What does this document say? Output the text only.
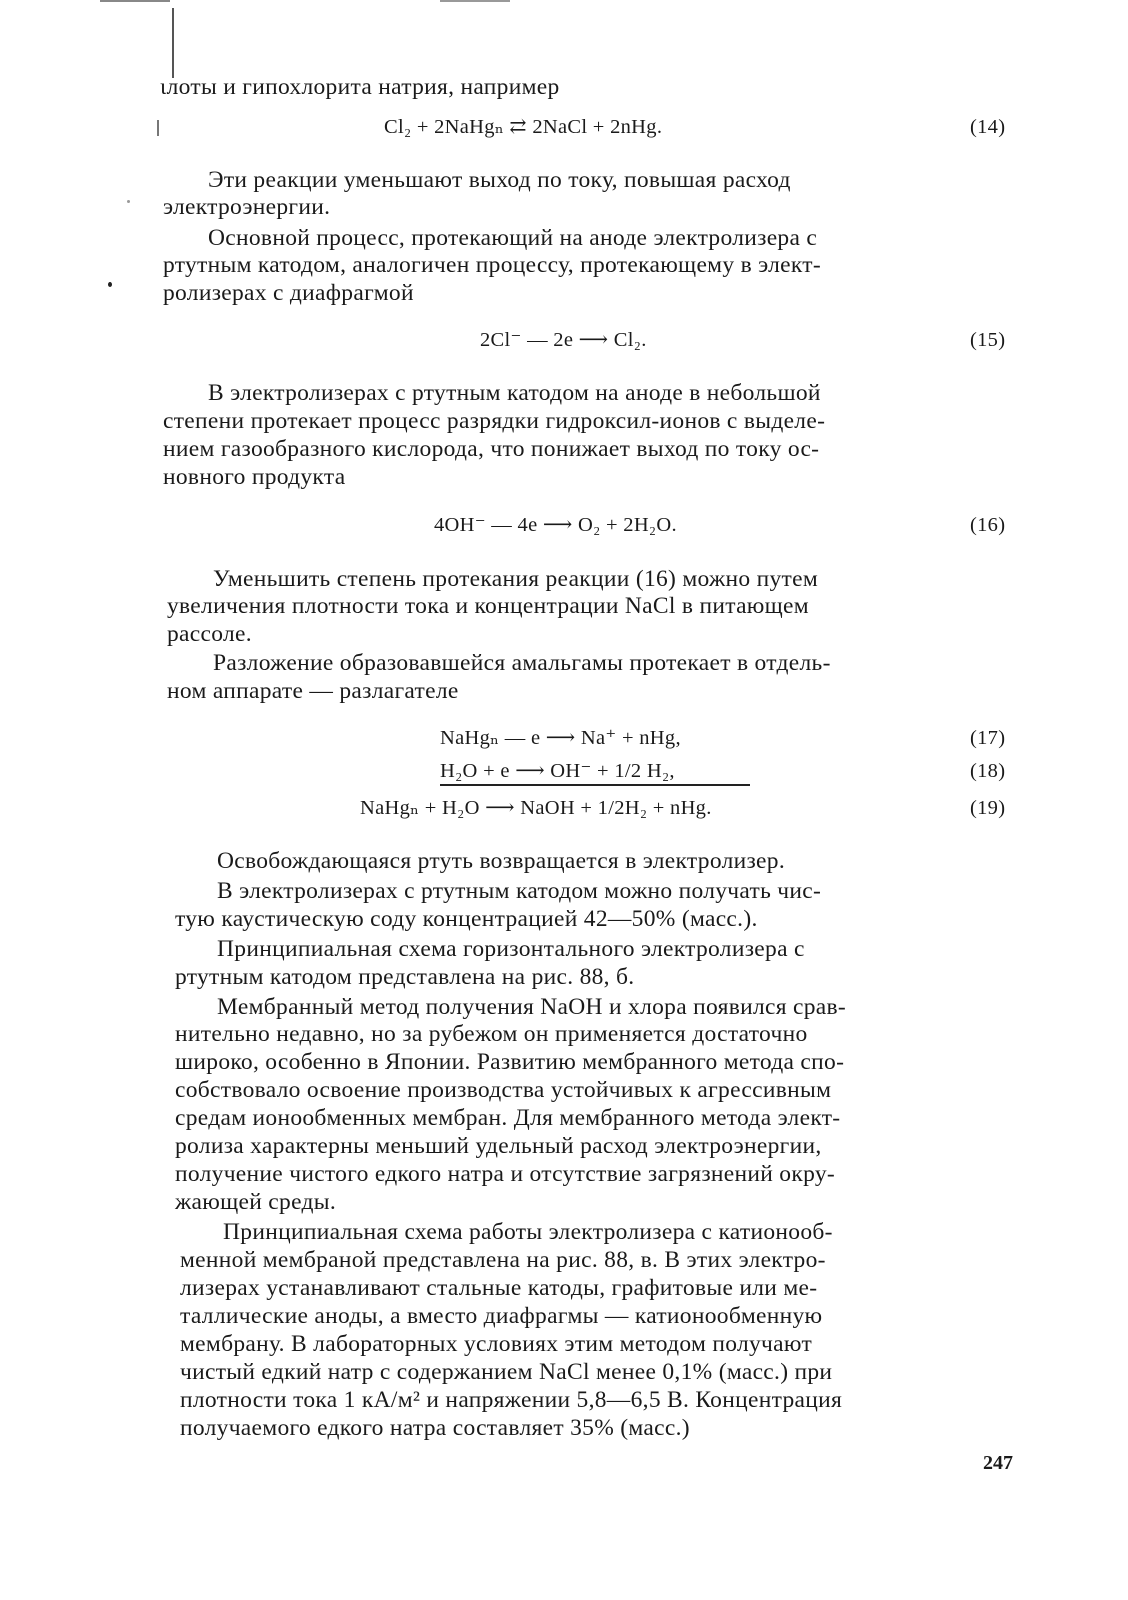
ιлоты и гипохлорита натрия, например
Cl₂ + 2NaHgₙ ⇄ 2NaCl + 2nHg.	(14)
Эти реакции уменьшают выход по току, повышая расход
электроэнергии.
Основной процесс, протекающий на аноде электролизера с
ртутным катодом, аналогичен процессу, протекающему в элект-
ролизерах с диафрагмой
2Cl⁻ — 2e ⟶ Cl₂.	(15)
В электролизерах с ртутным катодом на аноде в небольшой
степени протекает процесс разрядки гидроксил-ионов с выделе-
нием газообразного кислорода, что понижает выход по току ос-
новного продукта
4OH⁻ — 4e ⟶ O₂ + 2H₂O.	(16)
Уменьшить степень протекания реакции (16) можно путем
увеличения плотности тока и концентрации NaCl в питающем
рассоле.
Разложение образовавшейся амальгамы протекает в отдель-
ном аппарате — разлагателе
NaHgₙ — e ⟶ Na⁺ + nHg,	(17)
H₂O + e ⟶ OH⁻ + 1/2 H₂,	(18)
NaHgₙ + H₂O ⟶ NaOH + 1/2H₂ + nHg.	(19)
Освобождающаяся ртуть возвращается в электролизер.
В электролизерах с ртутным катодом можно получать чис-
тую каустическую соду концентрацией 42—50% (масс.).
Принципиальная схема горизонтального электролизера с
ртутным катодом представлена на рис. 88, б.
Мембранный метод получения NaOH и хлора появился срав-
нительно недавно, но за рубежом он применяется достаточно
широко, особенно в Японии. Развитию мембранного метода спо-
собствовало освоение производства устойчивых к агрессивным
средам ионообменных мембран. Для мембранного метода элект-
ролиза характерны меньший удельный расход электроэнергии,
получение чистого едкого натра и отсутствие загрязнений окру-
жающей среды.
Принципиальная схема работы электролизера с катионооб-
менной мембраной представлена на рис. 88, в. В этих электро-
лизерах устанавливают стальные катоды, графитовые или ме-
таллические аноды, а вместо диафрагмы — катионообменную
мембрану. В лабораторных условиях этим методом получают
чистый едкий натр с содержанием NaCl менее 0,1% (масс.) при
плотности тока 1 кА/м² и напряжении 5,8—6,5 В. Концентрация
получаемого едкого натра составляет 35% (масс.)
247
